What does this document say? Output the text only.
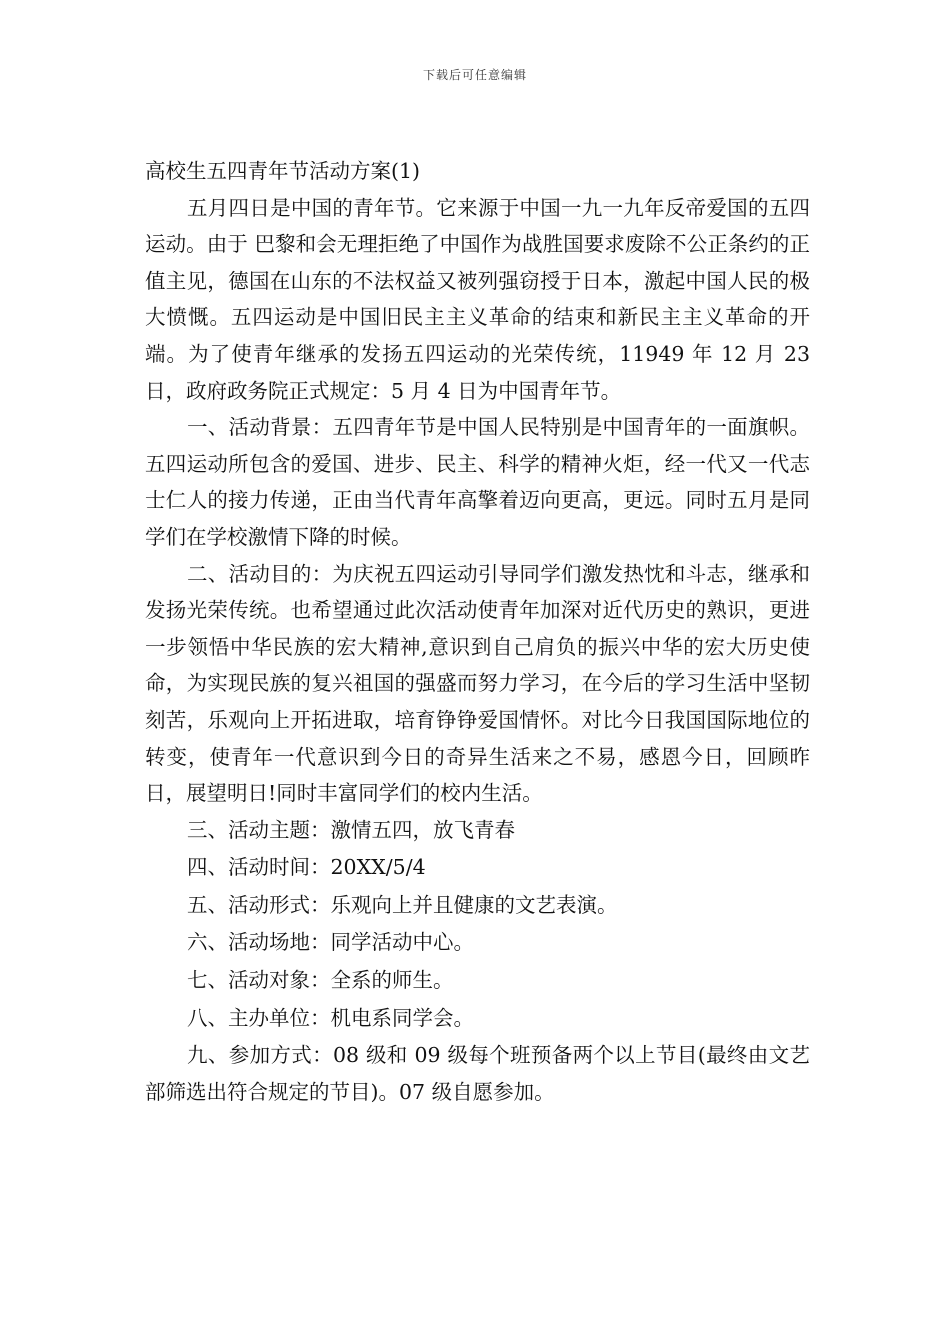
下载后可任意编辑
高校生五四青年节活动方案(1)

五月四日是中国的青年节。它来源于中国一九一九年反帝爱国的五四运动。由于 巴黎和会无理拒绝了中国作为战胜国要求废除不公正条约的正值主见，德国在山东的不法权益又被列强窃授于日本，激起中国人民的极大愤慨。五四运动是中国旧民主主义革命的结束和新民主主义革命的开端。为了使青年继承的发扬五四运动的光荣传统，11949 年 12 月 23 日，政府政务院正式规定：5 月 4 日为中国青年节。

一、活动背景：五四青年节是中国人民特别是中国青年的一面旗帜。五四运动所包含的爱国、进步、民主、科学的精神火炬，经一代又一代志士仁人的接力传递，正由当代青年高擎着迈向更高，更远。同时五月是同学们在学校激情下降的时候。

二、活动目的：为庆祝五四运动引导同学们激发热忱和斗志，继承和发扬光荣传统。也希望通过此次活动使青年加深对近代历史的熟识，更进一步领悟中华民族的宏大精神,意识到自己肩负的振兴中华的宏大历史使命，为实现民族的复兴祖国的强盛而努力学习，在今后的学习生活中坚韧刻苦，乐观向上开拓进取，培育铮铮爱国情怀。对比今日我国国际地位的转变，使青年一代意识到今日的奇异生活来之不易，感恩今日，回顾昨日，展望明日!同时丰富同学们的校内生活。

三、活动主题：激情五四，放飞青春

四、活动时间：20XX/5/4

五、活动形式：乐观向上并且健康的文艺表演。

六、活动场地：同学活动中心。

七、活动对象：全系的师生。

八、主办单位：机电系同学会。

九、参加方式：08 级和 09 级每个班预备两个以上节目(最终由文艺部筛选出符合规定的节目)。07 级自愿参加。
